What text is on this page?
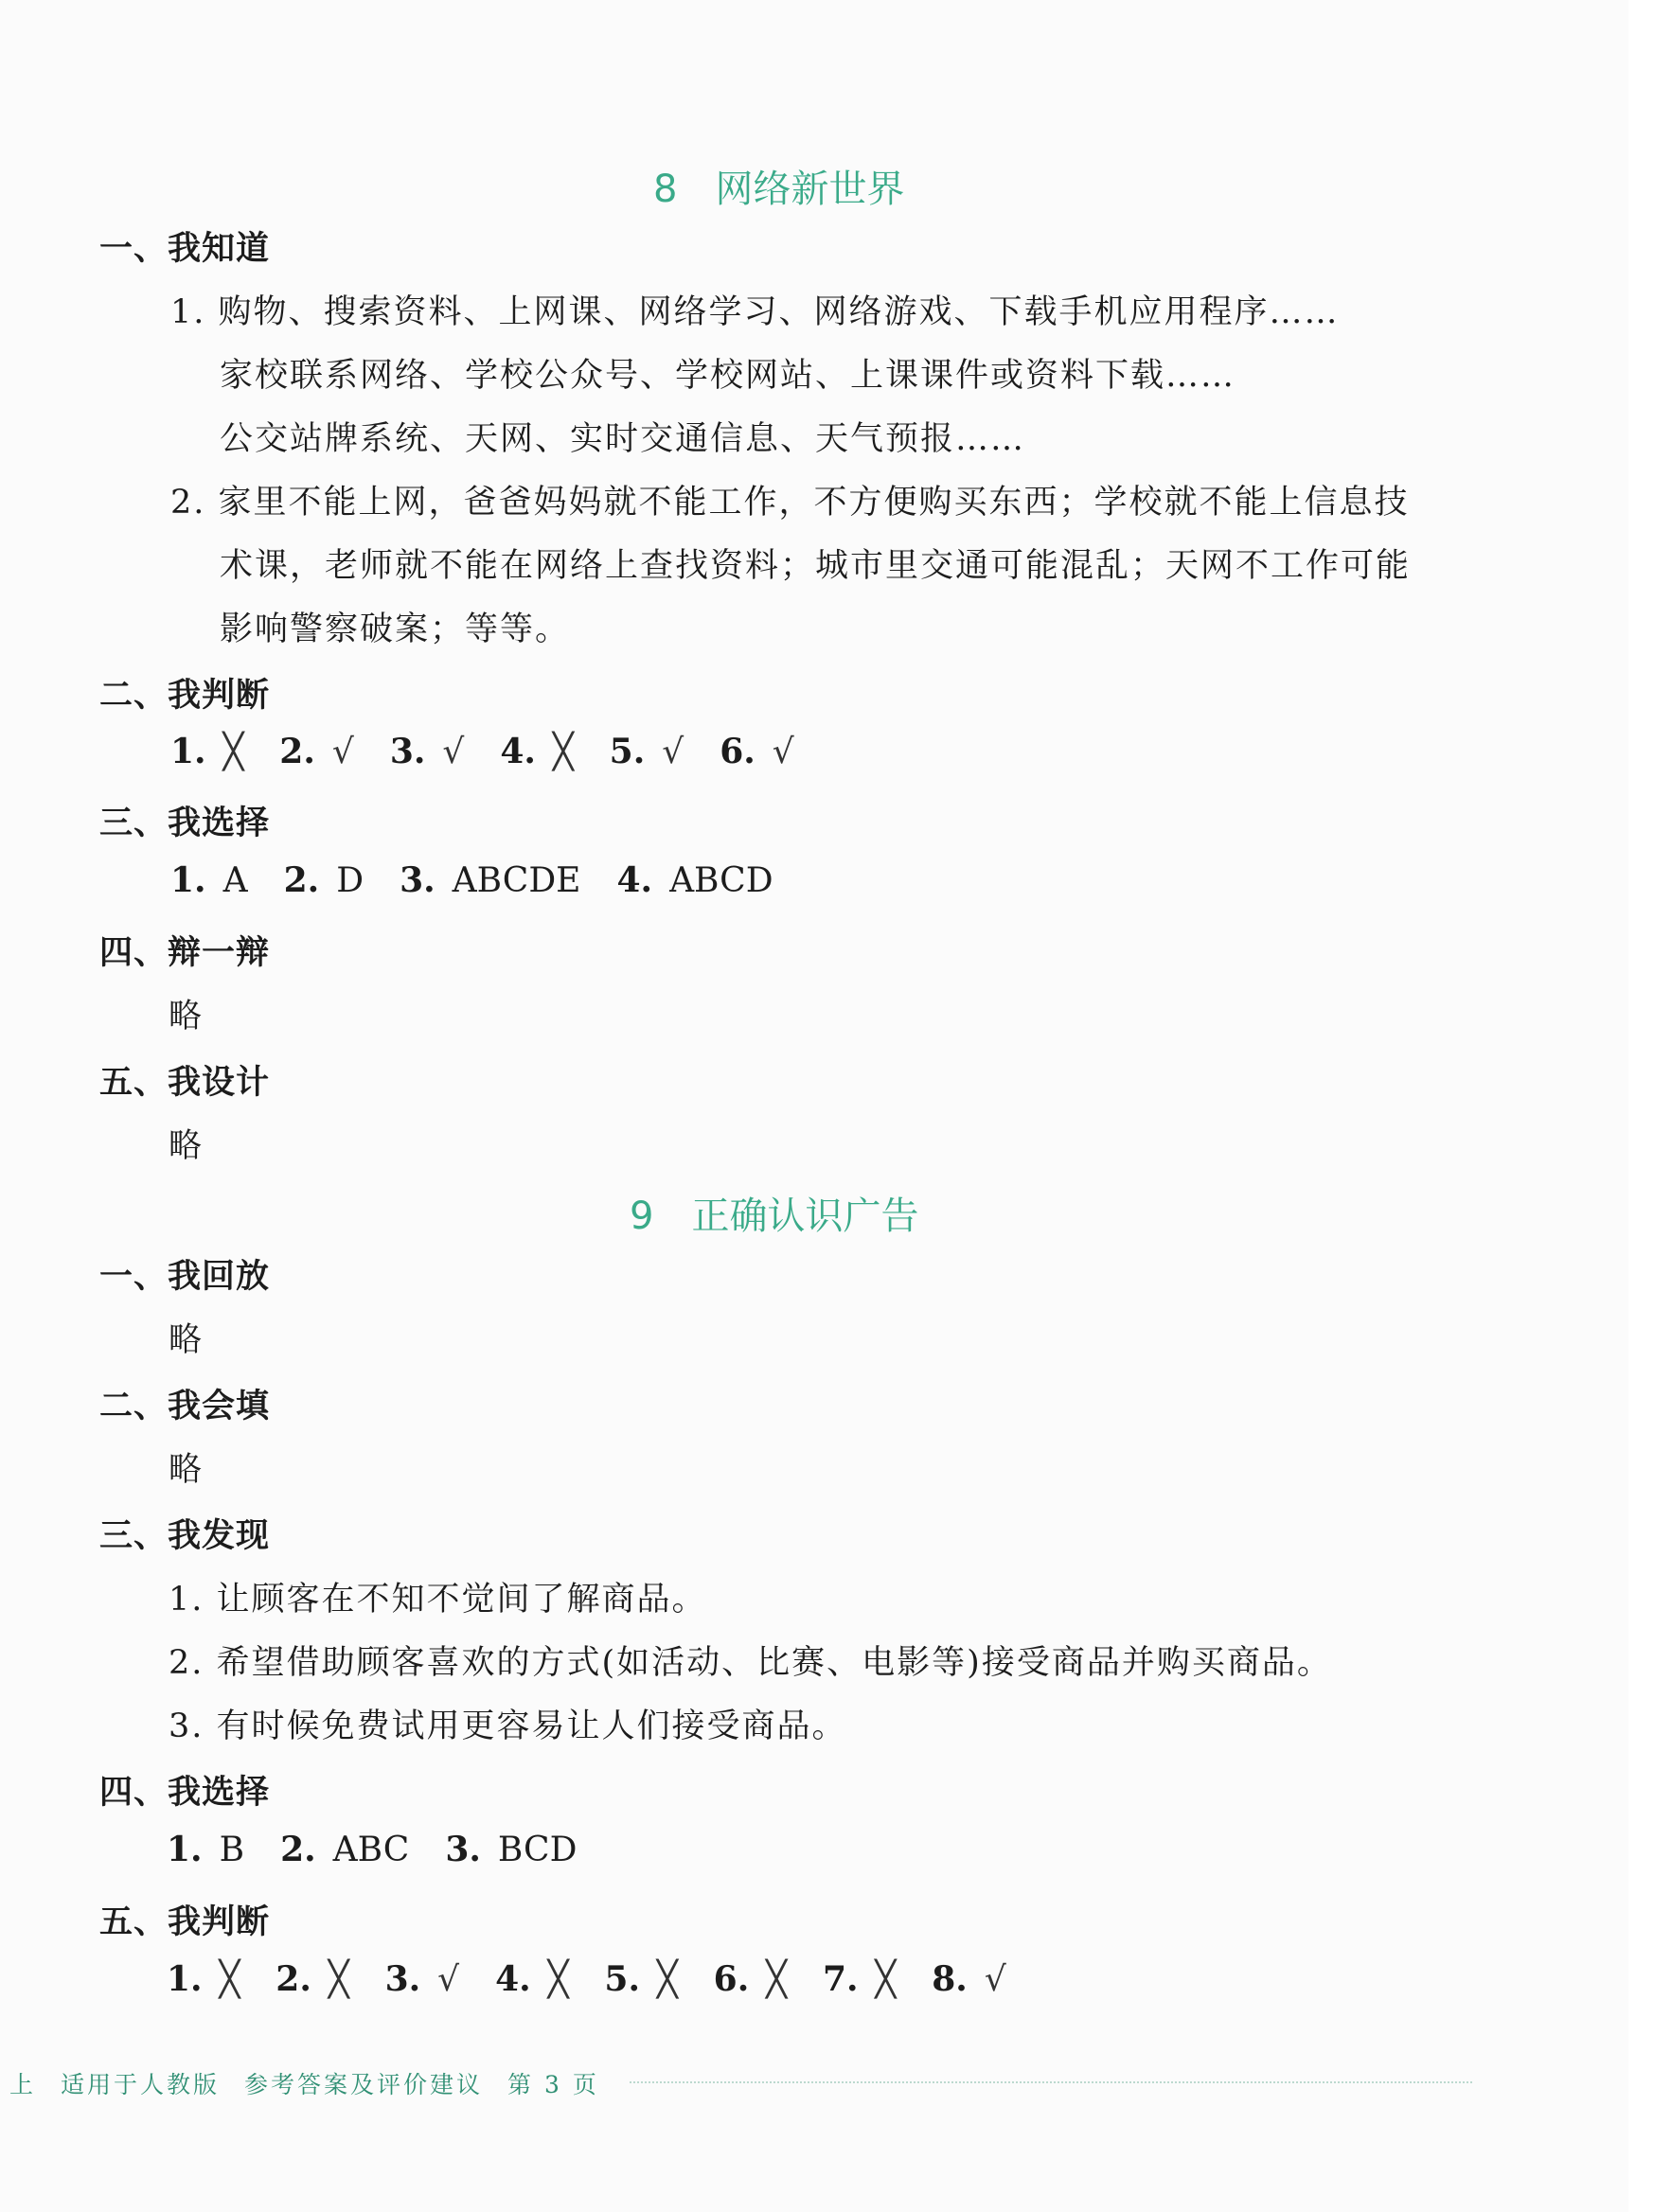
8 网络新世界
一、我知道
1. 购物、搜索资料、上网课、网络学习、网络游戏、下载手机应用程序……
家校联系网络、学校公众号、学校网站、上课课件或资料下载……
公交站牌系统、天网、实时交通信息、天气预报……
2. 家里不能上网，爸爸妈妈就不能工作，不方便购买东西；学校就不能上信息技
术课，老师就不能在网络上查找资料；城市里交通可能混乱；天网不工作可能
影响警察破案；等等。
二、我判断
1. ╳ 2. √ 3. √ 4. ╳ 5. √ 6. √
三、我选择
1. A 2. D 3. ABCDE 4. ABCD
四、辩一辩
略
五、我设计
略
9 正确认识广告
一、我回放
略
二、我会填
略
三、我发现
1. 让顾客在不知不觉间了解商品。
2. 希望借助顾客喜欢的方式(如活动、比赛、电影等)接受商品并购买商品。
3. 有时候免费试用更容易让人们接受商品。
四、我选择
1. B 2. ABC 3. BCD
五、我判断
1. ╳ 2. ╳ 3. √ 4. ╳ 5. ╳ 6. ╳ 7. ╳ 8. √
上 适用于人教版 参考答案及评价建议 第 3 页
